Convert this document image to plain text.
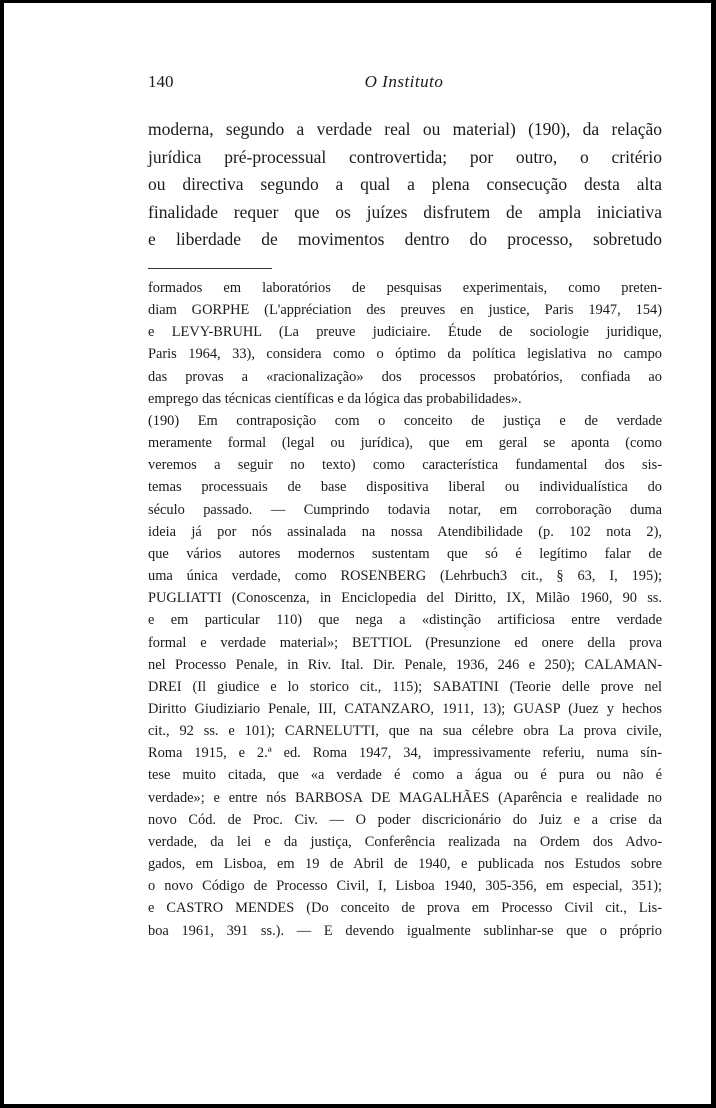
140	O Instituto
moderna, segundo a verdade real ou material) (190), da relação
jurídica pré-processual controvertida; por outro, o critério
ou directiva segundo a qual a plena consecução desta alta
finalidade requer que os juízes disfrutem de ampla iniciativa
e liberdade de movimentos dentro do processo, sobretudo
formados em laboratórios de pesquisas experimentais, como preten-
diam GORPHE (L'appréciation des preuves en justice, Paris 1947, 154)
e LEVY-BRUHL (La preuve judiciaire. Étude de sociologie juridique,
Paris 1964, 33), considera como o óptimo da política legislativa no campo
das provas a «racionalização» dos processos probatórios, confiada ao
emprego das técnicas científicas e da lógica das probabilidades».
(190) Em contraposição com o conceito de justiça e de verdade
meramente formal (legal ou jurídica), que em geral se aponta (como
veremos a seguir no texto) como característica fundamental dos sis-
temas processuais de base dispositiva liberal ou individualística do
século passado. — Cumprindo todavia notar, em corroboração duma
ideia já por nós assinalada na nossa Atendibilidade (p. 102 nota 2),
que vários autores modernos sustentam que só é legítimo falar de
uma única verdade, como ROSENBERG (Lehrbuch3 cit., § 63, I, 195);
PUGLIATTI (Conoscenza, in Enciclopedia del Diritto, IX, Milão 1960, 90 ss.
e em particular 110) que nega a «distinção artificiosa entre verdade
formal e verdade material»; BETTIOL (Presunzione ed onere della prova
nel Processo Penale, in Riv. Ital. Dir. Penale, 1936, 246 e 250); CALAMAN-
DREI (Il giudice e lo storico cit., 115); SABATINI (Teorie delle prove nel
Diritto Giudiziario Penale, III, CATANZARO, 1911, 13); GUASP (Juez y hechos
cit., 92 ss. e 101); CARNELUTTI, que na sua célebre obra La prova civile,
Roma 1915, e 2.ª ed. Roma 1947, 34, impressivamente referiu, numa sín-
tese muito citada, que «a verdade é como a água ou é pura ou não é
verdade»; e entre nós BARBOSA DE MAGALHÃES (Aparência e realidade no
novo Cód. de Proc. Civ. — O poder discricionário do Juiz e a crise da
verdade, da lei e da justiça, Conferência realizada na Ordem dos Advo-
gados, em Lisboa, em 19 de Abril de 1940, e publicada nos Estudos sobre
o novo Código de Processo Civil, I, Lisboa 1940, 305-356, em especial, 351);
e CASTRO MENDES (Do conceito de prova em Processo Civil cit., Lis-
boa 1961, 391 ss.). — E devendo igualmente sublinhar-se que o próprio
